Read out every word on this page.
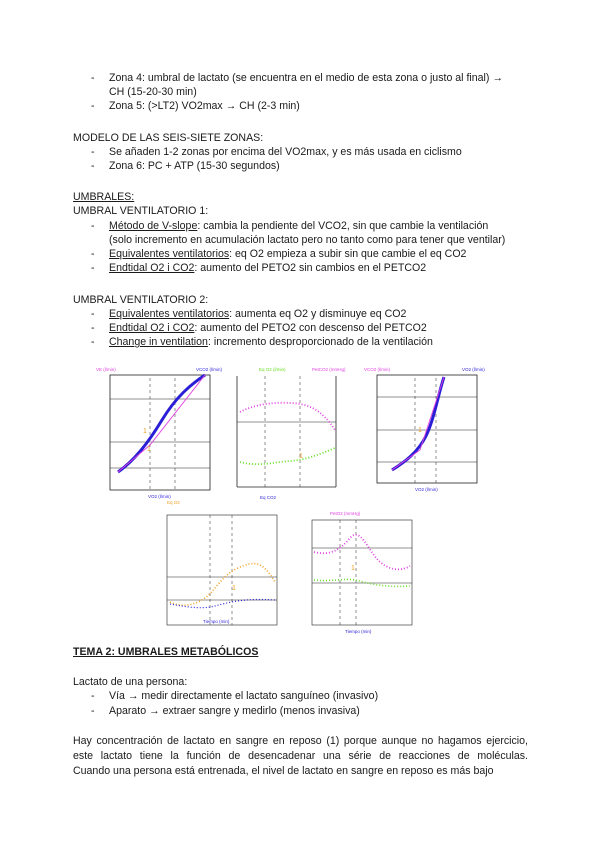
- Zona 4: umbral de lactato (se encuentra en el medio de esta zona o justo al final) →
CH (15-20-30 min)
- Zona 5: (>LT2) VO2max → CH (2-3 min)
MODELO DE LAS SEIS-SIETE ZONAS:
- Se añaden 1-2 zonas por encima del VO2max, y es más usada en ciclismo
- Zona 6: PC + ATP (15-30 segundos)
UMBRALES:
UMBRAL VENTILATORIO 1:
- Método de V-slope: cambia la pendiente del VCO2, sin que cambie la ventilación
(solo incremento en acumulación lactato pero no tanto como para tener que ventilar)
- Equivalentes ventilatorios: eq O2 empieza a subir sin que cambie el eq CO2
- Endtidal O2 i CO2: aumento del PETO2 sin cambios en el PETCO2
UMBRAL VENTILATORIO 2:
- Equivalentes ventilatorios: aumenta eq O2 y disminuye eq CO2
- Endtidal O2 i CO2: aumento del PETO2 con descenso del PETCO2
- Change in ventilation: incremento desproporcionado de la ventilación
1
1
VE (l/min)	VCO2 (l/min)
VO2 (l/min)
1
Eq O2 (l/min)	PetCO2 (mmHg)
Eq CO2
1
VCO2 (l/min)	VO2 (l/min)
VO2 (l/min)
1
Eq O2
Tiempo (min)
1
PetO2 (mmHg)
Tiempo (min)
TEMA 2: UMBRALES METABÓLICOS
Lactato de una persona:
- Vía → medir directamente el lactato sanguíneo (invasivo)
- Aparato → extraer sangre y medirlo (menos invasiva)
Hay concentración de lactato en sangre en reposo (1) porque aunque no hagamos ejercicio,
este lactato tiene la función de desencadenar una série de reacciones de moléculas.
Cuando una persona está entrenada, el nivel de lactato en sangre en reposo es más bajo
